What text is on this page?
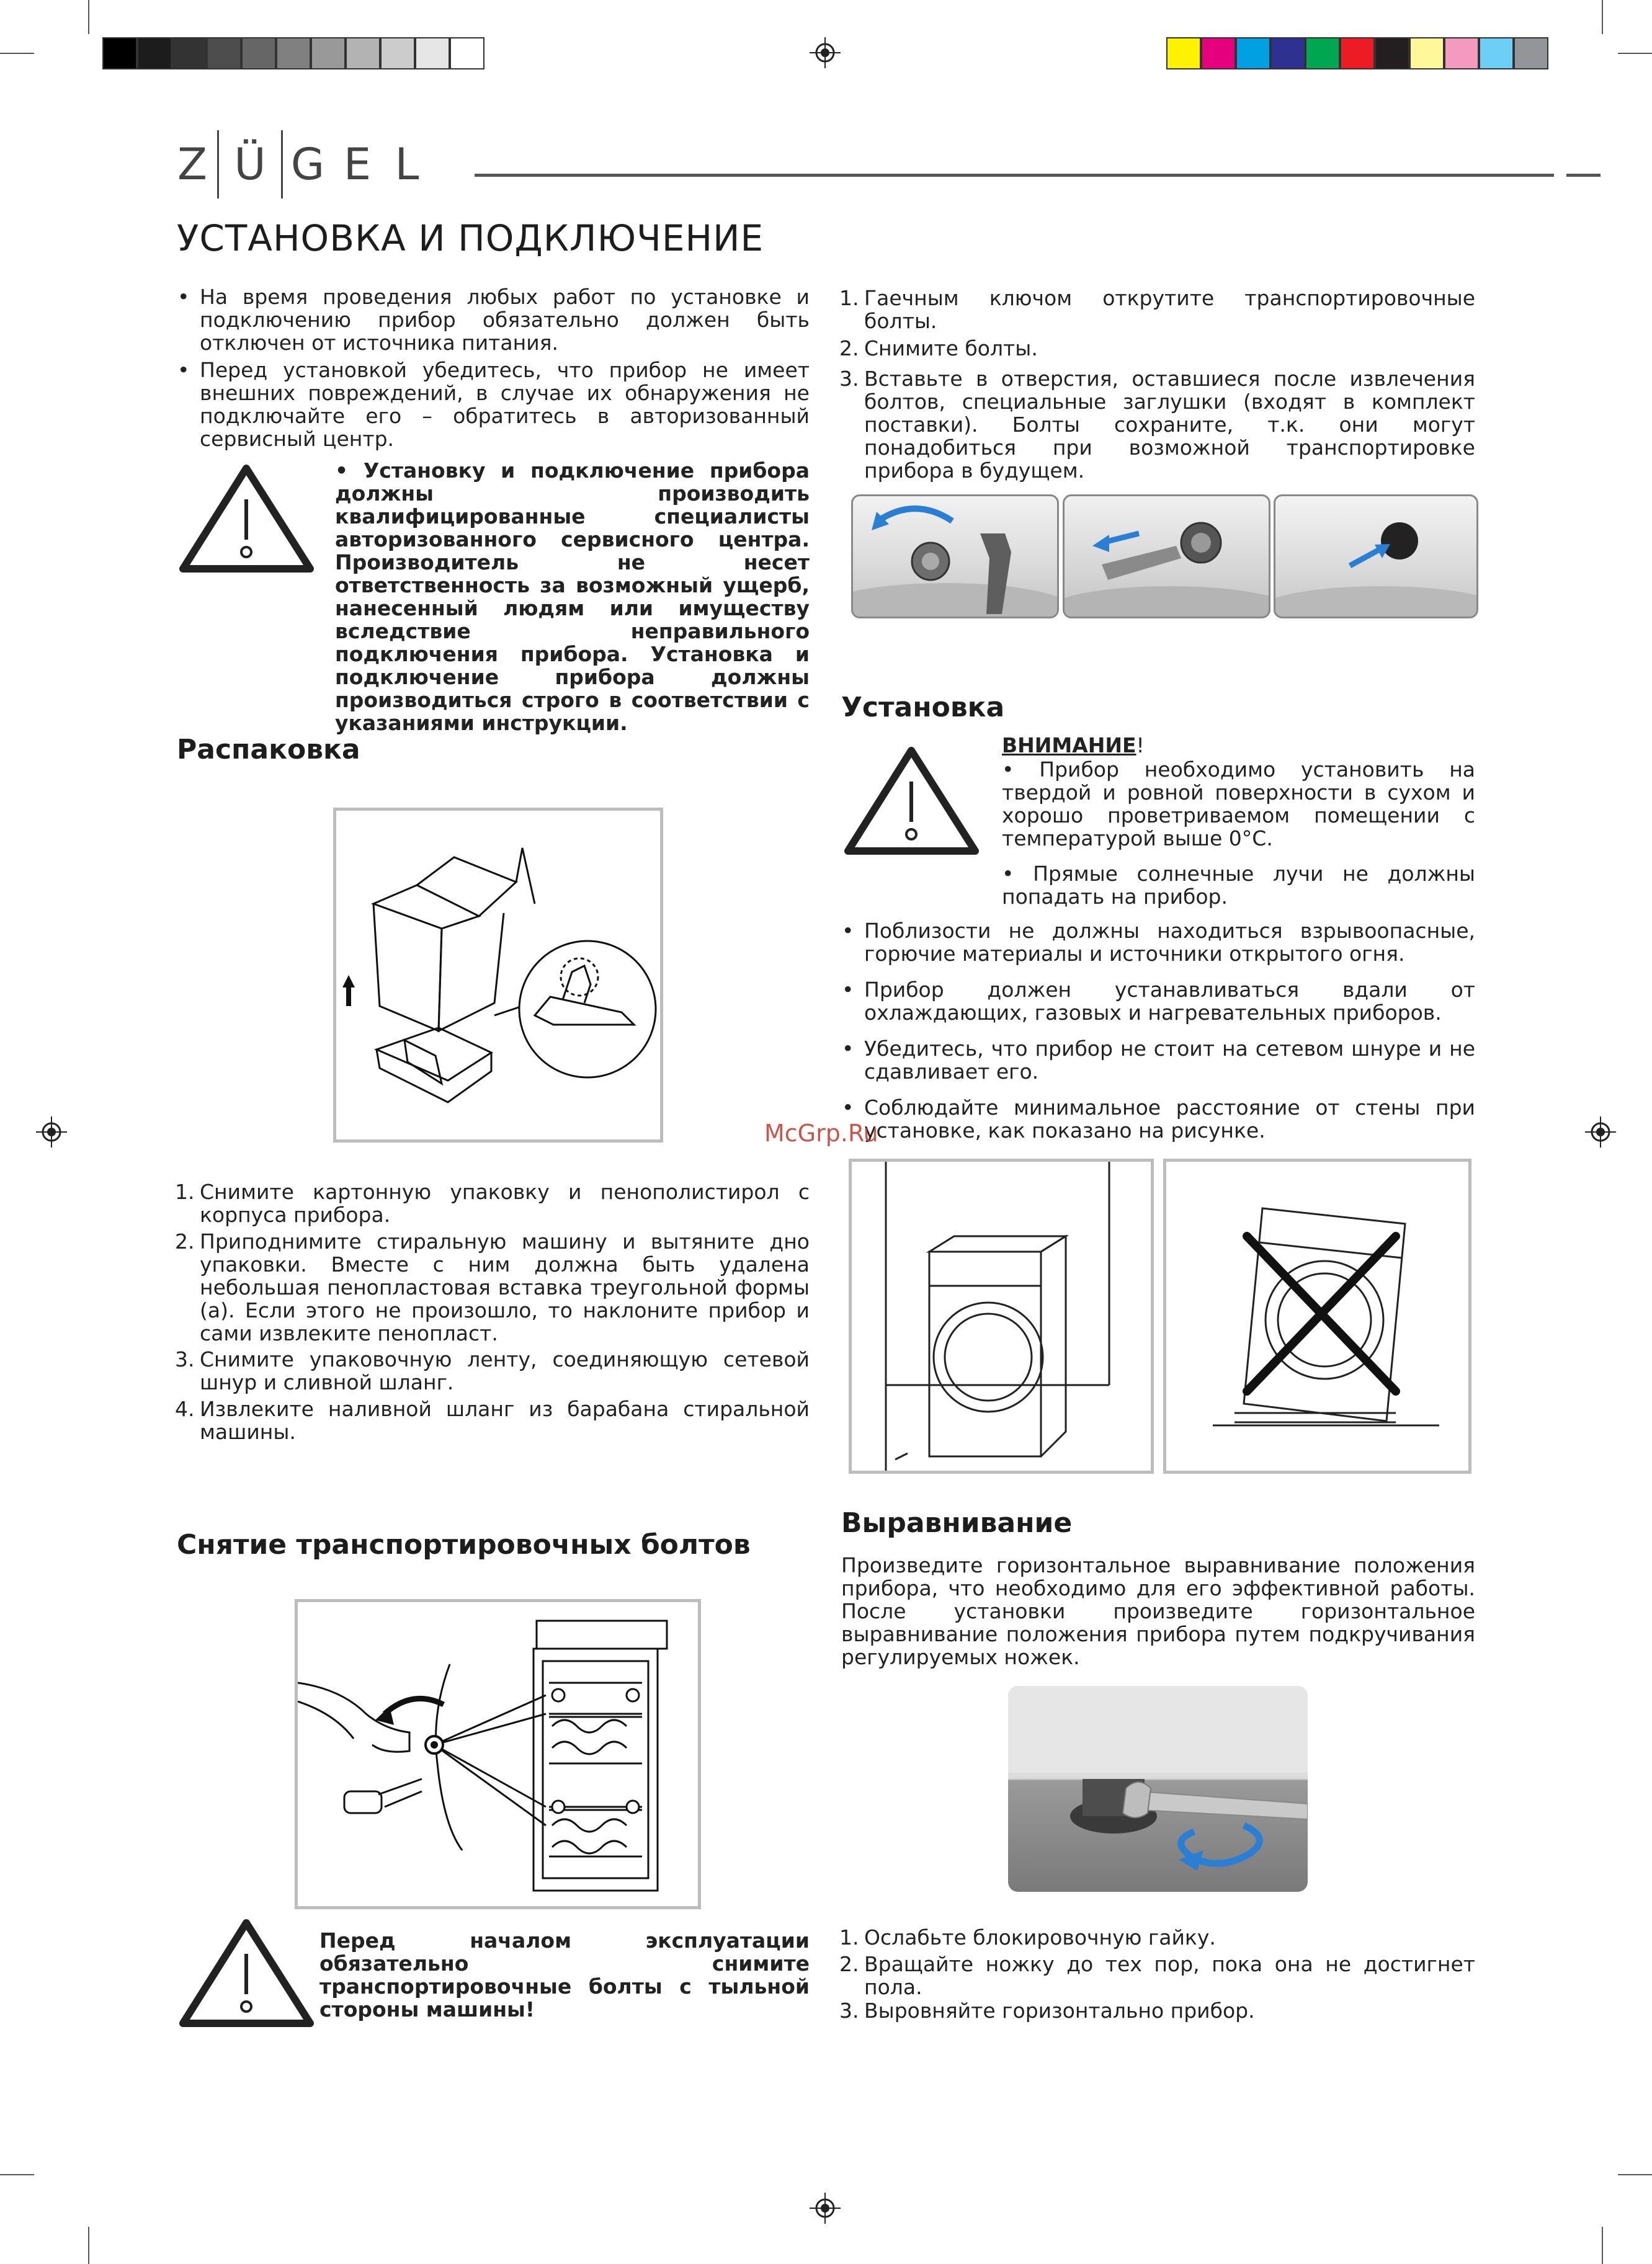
Z Ü G E L
УСТАНОВКА И ПОДКЛЮЧЕНИЕ
• На время проведения любых работ по установке и подключению прибор обязательно должен быть отключен от источника питания.
• Перед установкой убедитесь, что прибор не имеет внешних повреждений, в случае их обнаружения не подключайте его – обратитесь в авторизованный сервисный центр.
• Установку и подключение прибора должны производить квалифицированные специалисты авторизованного сервисного центра. Производитель не несет ответственность за возможный ущерб, нанесенный людям или имуществу вследствие неправильного подключения прибора. Установка и подключение прибора должны производиться строго в соответствии с указаниями инструкции.
Распаковка
1. Снимите картонную упаковку и пенополистирол с корпуса прибора.
2. Приподнимите стиральную машину и вытяните дно упаковки. Вместе с ним должна быть удалена небольшая пенопластовая вставка треугольной формы (a). Если этого не произошло, то наклоните прибор и сами извлеките пенопласт.
3. Снимите упаковочную ленту, соединяющую сетевой шнур и сливной шланг.
4. Извлеките наливной шланг из барабана стиральной машины.
Снятие транспортировочных болтов
Перед началом эксплуатации обязательно снимите транспортировочные болты с тыльной стороны машины!
1. Гаечным ключом открутите транспортировочные болты.
2. Снимите болты.
3. Вставьте в отверстия, оставшиеся после извлечения болтов, специальные заглушки (входят в комплект поставки). Болты сохраните, т.к. они могут понадобиться при возможной транспортировке прибора в будущем.
Установка
ВНИМАНИЕ!
• Прибор необходимо установить на твердой и ровной поверхности в сухом и хорошо проветриваемом помещении с температурой выше 0°С.
• Прямые солнечные лучи не должны попадать на прибор.
• Поблизости не должны находиться взрывоопасные, горючие материалы и источники открытого огня.
• Прибор должен устанавливаться вдали от охлаждающих, газовых и нагревательных приборов.
• Убедитесь, что прибор не стоит на сетевом шнуре и не сдавливает его.
• Соблюдайте минимальное расстояние от стены при установке, как показано на рисунке.
McGrp.Ru
Выравнивание
Произведите горизонтальное выравнивание положения прибора, что необходимо для его эффективной работы. После установки произведите горизонтальное выравнивание положения прибора путем подкручивания регулируемых ножек.
1. Ослабьте блокировочную гайку.
2. Вращайте ножку до тех пор, пока она не достигнет пола.
3. Выровняйте горизонтально прибор.
